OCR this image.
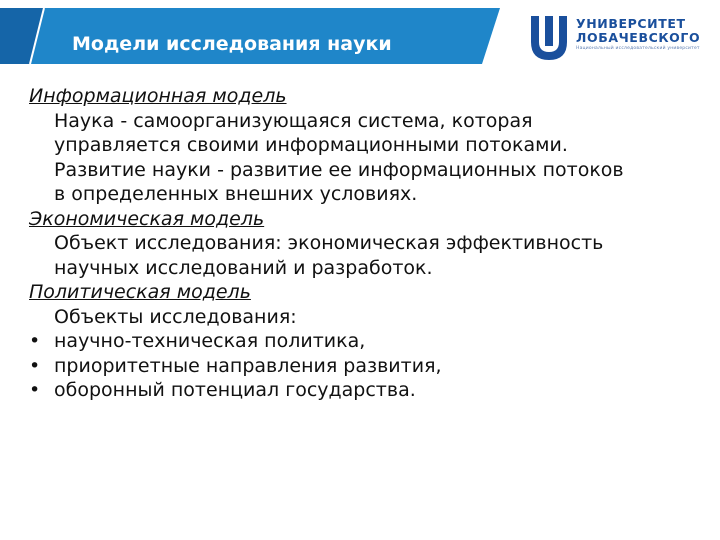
Модели исследования науки
УНИВЕРСИТЕТ
ЛОБАЧЕВСКОГО
Национальный исследовательский университет
Информационная модель
Наука - самоорганизующаяся система, которая
управляется своими информационными потоками.
Развитие науки - развитие ее информационных потоков
в определенных внешних условиях.
Экономическая модель
Объект исследования: экономическая эффективность
научных исследований и разработок.
Политическая модель
Объекты исследования:
• научно-техническая политика,
• приоритетные направления развития,
• оборонный потенциал государства.
